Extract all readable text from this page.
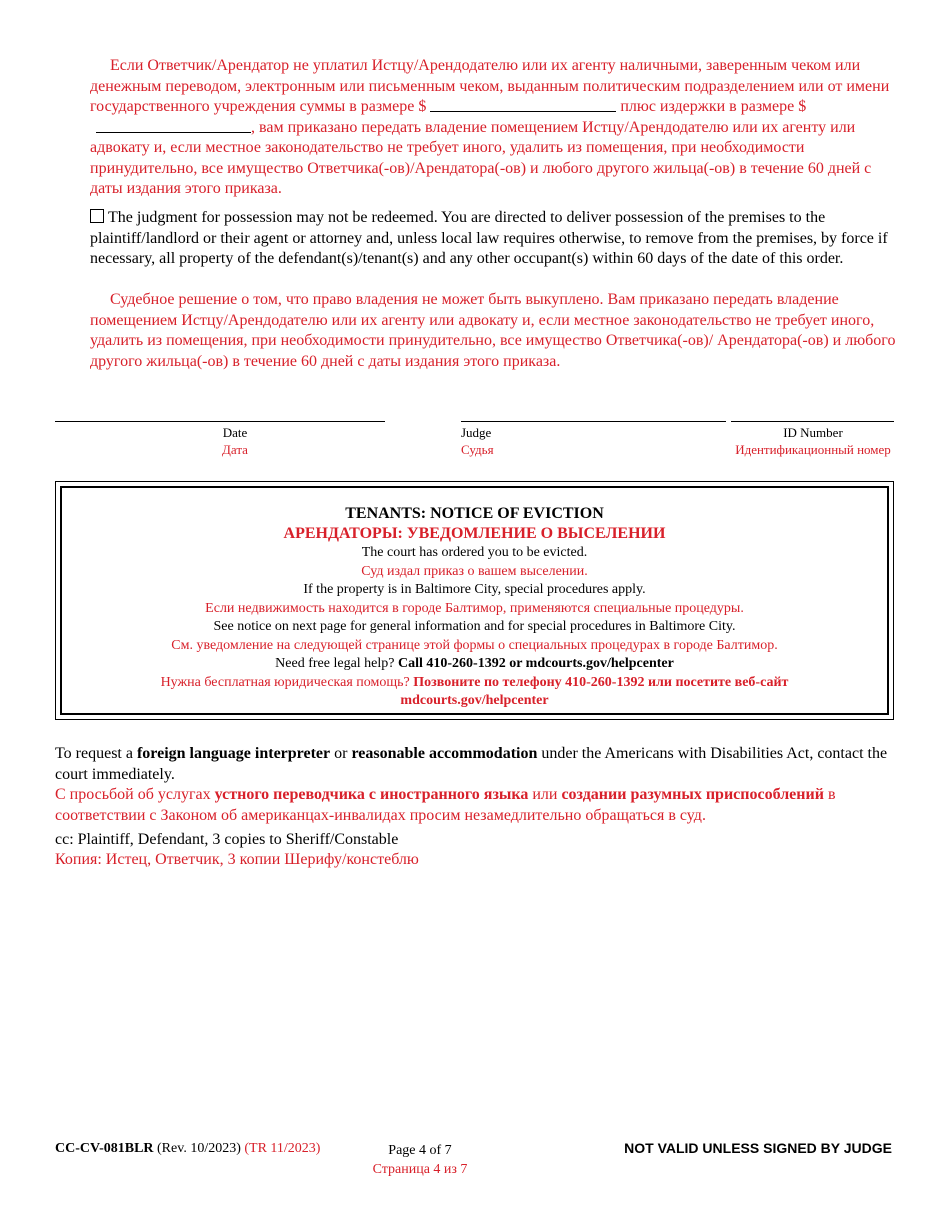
Если Ответчик/Арендатор не уплатил Истцу/Арендодателю или их агенту наличными, заверенным чеком или денежным переводом, электронным или письменным чеком, выданным политическим подразделением или от имени государственного учреждения суммы в размере $	плюс издержки в размере $ , вам приказано передать владение помещением Истцу/Арендодателю или их агенту или адвокату и, если местное законодательство не требует иного, удалить из помещения, при необходимости принудительно, все имущество Ответчика(-ов)/Арендатора(-ов) и любого другого жильца(-ов) в течение 60 дней с даты издания этого приказа.
The judgment for possession may not be redeemed. You are directed to deliver possession of the premises to the plaintiff/landlord or their agent or attorney and, unless local law requires otherwise, to remove from the premises, by force if necessary, all property of the defendant(s)/tenant(s) and any other occupant(s) within 60 days of the date of this order.
Судебное решение о том, что право владения не может быть выкуплено. Вам приказано передать владение помещением Истцу/Арендодателю или их агенту или адвокату и, если местное законодательство не требует иного, удалить из помещения, при необходимости принудительно, все имущество Ответчика(-ов)/ Арендатора(-ов) и любого другого жильца(-ов) в течение 60 дней с даты издания этого приказа.
Date
Дата
Judge
Судья
ID Number
Идентификационный номер
TENANTS: NOTICE OF EVICTION
АРЕНДАТОРЫ: УВЕДОМЛЕНИЕ О ВЫСЕЛЕНИИ
The court has ordered you to be evicted.
Суд издал приказ о вашем выселении.
If the property is in Baltimore City, special procedures apply.
Если недвижимость находится в городе Балтимор, применяются специальные процедуры.
See notice on next page for general information and for special procedures in Baltimore City.
См. уведомление на следующей странице этой формы о специальных процедурах в городе Балтимор.
Need free legal help? Call 410-260-1392 or mdcourts.gov/helpcenter
Нужна бесплатная юридическая помощь? Позвоните по телефону 410-260-1392 или посетите веб-сайт
mdcourts.gov/helpcenter
To request a foreign language interpreter or reasonable accommodation under the Americans with Disabilities Act, contact the court immediately.
С просьбой об услугах устного переводчика с иностранного языка или создании разумных приспособлений в соответствии с Законом об американцах-инвалидах просим незамедлительно обращаться в суд.
cc: Plaintiff, Defendant, 3 copies to Sheriff/Constable
Копия: Истец, Ответчик, 3 копии Шерифу/констеблю
CC-CV-081BLR (Rev. 10/2023) (TR 11/2023)	Page 4 of 7
Страница 4 из 7
NOT VALID UNLESS SIGNED BY JUDGE
